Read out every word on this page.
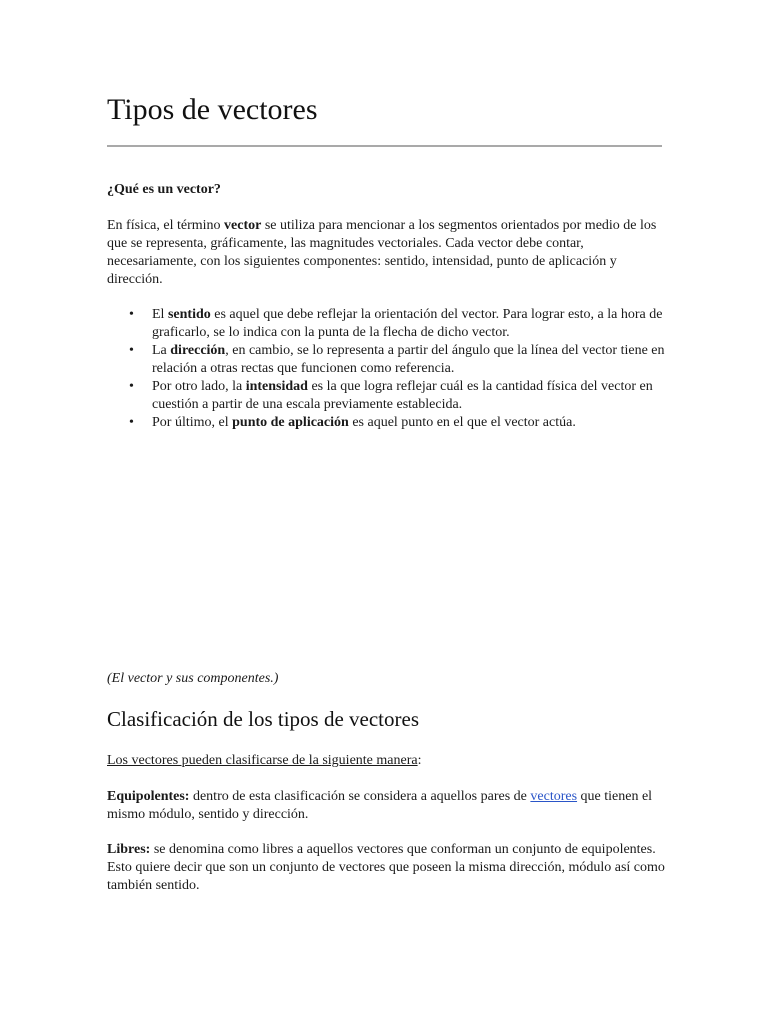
Tipos de vectores

¿Qué es un vector?

En física, el término vector se utiliza para mencionar a los segmentos orientados por medio de los que se representa, gráficamente, las magnitudes vectoriales. Cada vector debe contar, necesariamente, con los siguientes componentes: sentido, intensidad, punto de aplicación y dirección.

• El sentido es aquel que debe reflejar la orientación del vector. Para lograr esto, a la hora de graficarlo, se lo indica con la punta de la flecha de dicho vector.
• La dirección, en cambio, se lo representa a partir del ángulo que la línea del vector tiene en relación a otras rectas que funcionen como referencia.
• Por otro lado, la intensidad es la que logra reflejar cuál es la cantidad física del vector en cuestión a partir de una escala previamente establecida.
• Por último, el punto de aplicación es aquel punto en el que el vector actúa.

(El vector y sus componentes.)

Clasificación de los tipos de vectores

Los vectores pueden clasificarse de la siguiente manera:

Equipolentes: dentro de esta clasificación se considera a aquellos pares de vectores que tienen el mismo módulo, sentido y dirección.

Libres: se denomina como libres a aquellos vectores que conforman un conjunto de equipolentes. Esto quiere decir que son un conjunto de vectores que poseen la misma dirección, módulo así como también sentido.
